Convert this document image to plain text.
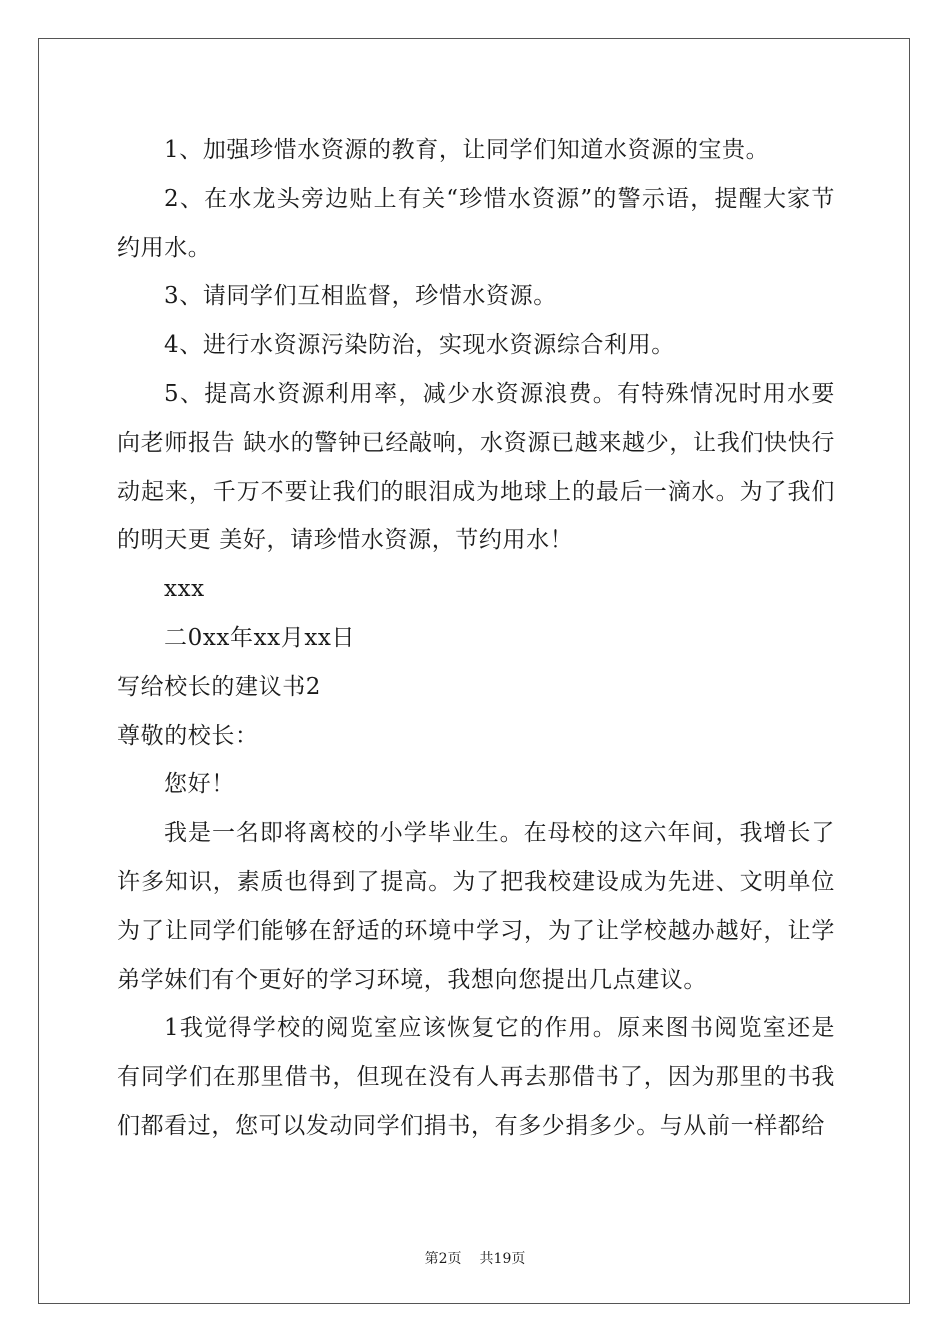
1、加强珍惜水资源的教育，让同学们知道水资源的宝贵。

2、在水龙头旁边贴上有关“珍惜水资源”的警示语，提醒大家节约用水。

3、请同学们互相监督，珍惜水资源。

4、进行水资源污染防治，实现水资源综合利用。

5、提高水资源利用率，减少水资源浪费。有特殊情况时用水要向老师报告 缺水的警钟已经敲响，水资源已越来越少，让我们快快行动起来，千万不要让我们的眼泪成为地球上的最后一滴水。为了我们的明天更 美好，请珍惜水资源，节约用水！

xxx

二0xx年xx月xx日

写给校长的建议书2

尊敬的校长：

您好！

我是一名即将离校的小学毕业生。在母校的这六年间，我增长了许多知识，素质也得到了提高。为了把我校建设成为先进、文明单位为了让同学们能够在舒适的环境中学习，为了让学校越办越好，让学弟学妹们有个更好的学习环境，我想向您提出几点建议。

1我觉得学校的阅览室应该恢复它的作用。原来图书阅览室还是有同学们在那里借书，但现在没有人再去那借书了，因为那里的书我们都看过，您可以发动同学们捐书，有多少捐多少。与从前一样都给

第2页 共19页
